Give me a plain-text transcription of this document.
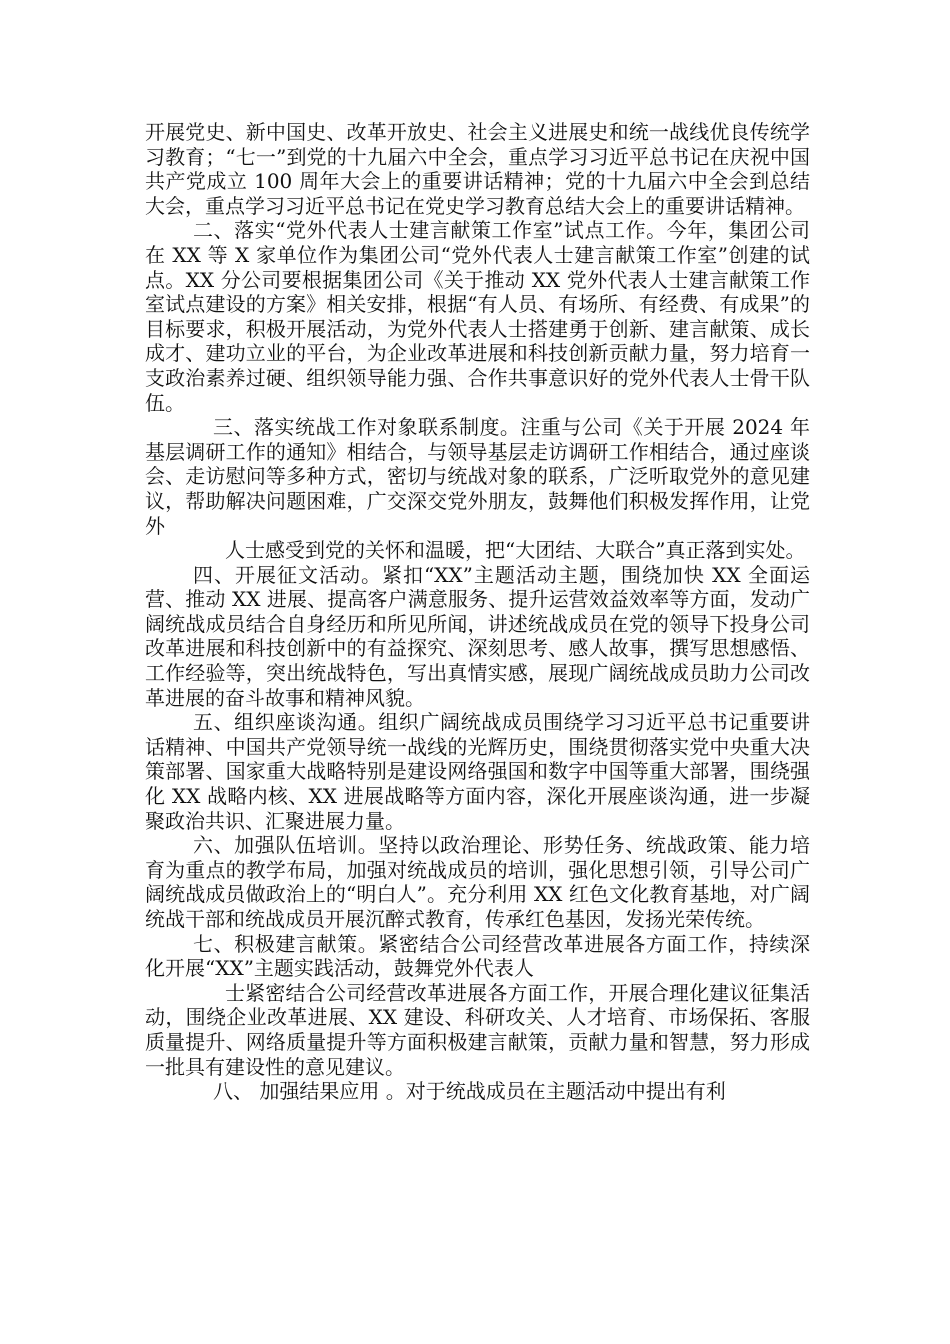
开展党史、新中国史、改革开放史、社会主义进展史和统一战线优良传统学习教育；“七一”到党的十九届六中全会，重点学习习近平总书记在庆祝中国共产党成立 100 周年大会上的重要讲话精神；党的十九届六中全会到总结大会，重点学习习近平总书记在党史学习教育总结大会上的重要讲话精神。

二、落实“党外代表人士建言献策工作室”试点工作。今年，集团公司在 XX 等 X 家单位作为集团公司“党外代表人士建言献策工作室”创建的试点。XX 分公司要根据集团公司《关于推动 XX 党外代表人士建言献策工作室试点建设的方案》相关安排，根据“有人员、有场所、有经费、有成果”的目标要求，积极开展活动，为党外代表人士搭建勇于创新、建言献策、成长成才、建功立业的平台，为企业改革进展和科技创新贡献力量，努力培育一支政治素养过硬、组织领导能力强、合作共事意识好的党外代表人士骨干队伍。

三、落实统战工作对象联系制度。注重与公司《关于开展 2024 年基层调研工作的通知》相结合，与领导基层走访调研工作相结合，通过座谈会、走访慰问等多种方式，密切与统战对象的联系，广泛听取党外的意见建议，帮助解决问题困难，广交深交党外朋友，鼓舞他们积极发挥作用，让党外

人士感受到党的关怀和温暖，把“大团结、大联合”真正落到实处。

四、开展征文活动。紧扣“XX”主题活动主题，围绕加快 XX 全面运营、推动 XX 进展、提高客户满意服务、提升运营效益效率等方面，发动广阔统战成员结合自身经历和所见所闻，讲述统战成员在党的领导下投身公司改革进展和科技创新中的有益探究、深刻思考、感人故事，撰写思想感悟、工作经验等，突出统战特色，写出真情实感，展现广阔统战成员助力公司改革进展的奋斗故事和精神风貌。

五、组织座谈沟通。组织广阔统战成员围绕学习习近平总书记重要讲话精神、中国共产党领导统一战线的光辉历史，围绕贯彻落实党中央重大决策部署、国家重大战略特别是建设网络强国和数字中国等重大部署，围绕强化 XX 战略内核、XX 进展战略等方面内容，深化开展座谈沟通，进一步凝聚政治共识、汇聚进展力量。

六、加强队伍培训。坚持以政治理论、形势任务、统战政策、能力培育为重点的教学布局，加强对统战成员的培训，强化思想引领，引导公司广阔统战成员做政治上的“明白人”。充分利用 XX 红色文化教育基地，对广阔统战干部和统战成员开展沉醉式教育，传承红色基因，发扬光荣传统。

七、积极建言献策。紧密结合公司经营改革进展各方面工作，持续深化开展“XX”主题实践活动，鼓舞党外代表人

士紧密结合公司经营改革进展各方面工作，开展合理化建议征集活动，围绕企业改革进展、XX 建设、科研攻关、人才培育、市场保拓、客服质量提升、网络质量提升等方面积极建言献策，贡献力量和智慧，努力形成一批具有建设性的意见建议。

八、 加强结果应用 。对于统战成员在主题活动中提出有利
